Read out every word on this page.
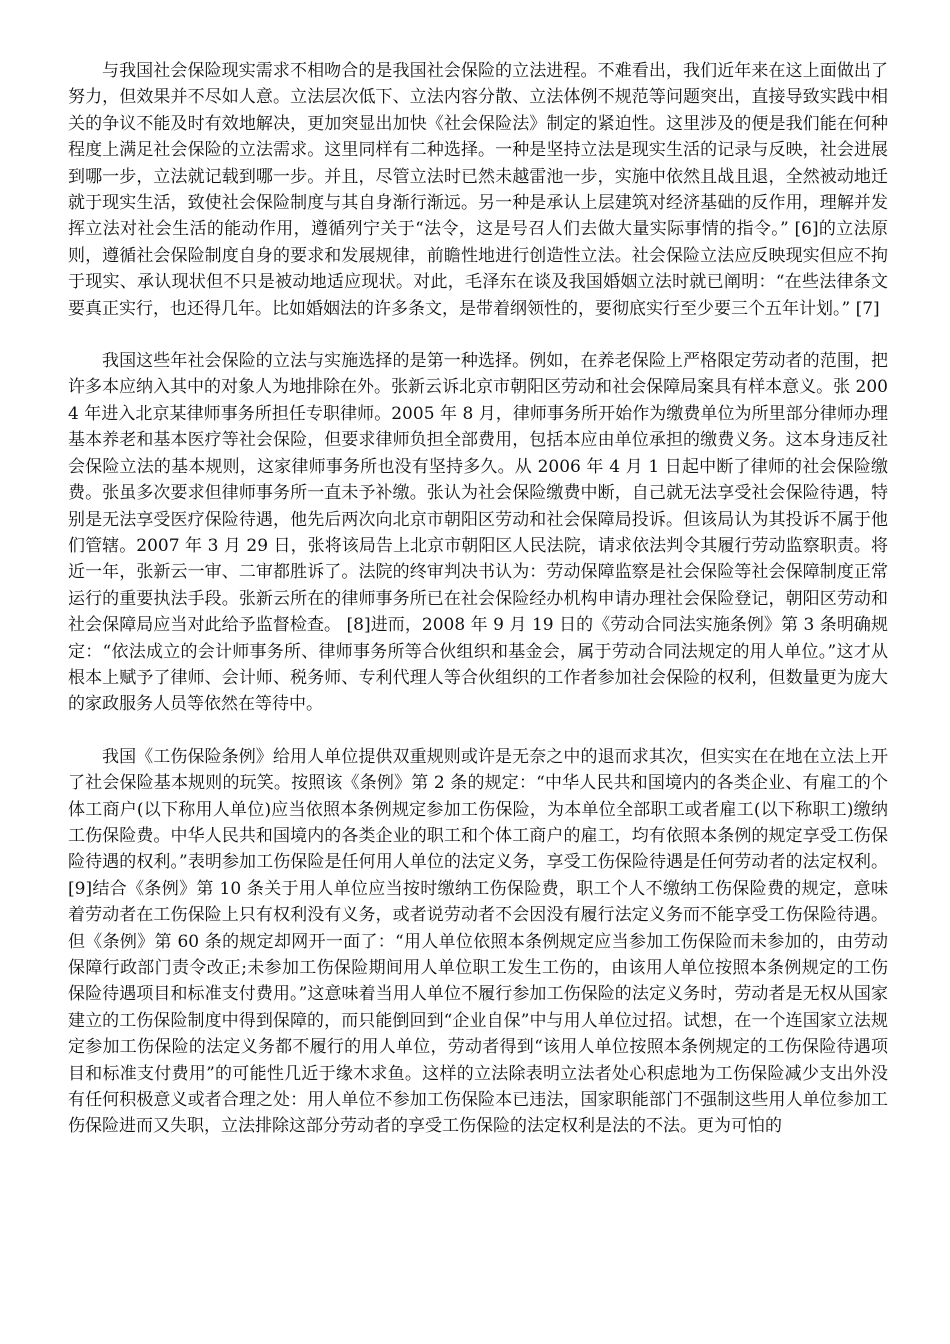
与我国社会保险现实需求不相吻合的是我国社会保险的立法进程。不难看出，我们近年来在这上面做出了努力，但效果并不尽如人意。立法层次低下、立法内容分散、立法体例不规范等问题突出，直接导致实践中相关的争议不能及时有效地解决，更加突显出加快《社会保险法》制定的紧迫性。这里涉及的便是我们能在何种程度上满足社会保险的立法需求。这里同样有二种选择。一种是坚持立法是现实生活的记录与反映，社会进展到哪一步，立法就记载到哪一步。并且，尽管立法时已然未越雷池一步，实施中依然且战且退，全然被动地迁就于现实生活，致使社会保险制度与其自身渐行渐远。另一种是承认上层建筑对经济基础的反作用，理解并发挥立法对社会生活的能动作用，遵循列宁关于“法令，这是号召人们去做大量实际事情的指令。” [6]的立法原则，遵循社会保险制度自身的要求和发展规律，前瞻性地进行创造性立法。社会保险立法应反映现实但应不拘于现实、承认现状但不只是被动地适应现状。对此，毛泽东在谈及我国婚姻立法时就已阐明：“在些法律条文要真正实行，也还得几年。比如婚姻法的许多条文，是带着纲领性的，要彻底实行至少要三个五年计划。” [7]

我国这些年社会保险的立法与实施选择的是第一种选择。例如，在养老保险上严格限定劳动者的范围，把许多本应纳入其中的对象人为地排除在外。张新云诉北京市朝阳区劳动和社会保障局案具有样本意义。张 2004 年进入北京某律师事务所担任专职律师。2005 年 8 月，律师事务所开始作为缴费单位为所里部分律师办理基本养老和基本医疗等社会保险，但要求律师负担全部费用，包括本应由单位承担的缴费义务。这本身违反社会保险立法的基本规则，这家律师事务所也没有坚持多久。从 2006 年 4 月 1 日起中断了律师的社会保险缴费。张虽多次要求但律师事务所一直未予补缴。张认为社会保险缴费中断，自己就无法享受社会保险待遇，特别是无法享受医疗保险待遇，他先后两次向北京市朝阳区劳动和社会保障局投诉。但该局认为其投诉不属于他们管辖。2007 年 3 月 29 日，张将该局告上北京市朝阳区人民法院，请求依法判令其履行劳动监察职责。将近一年，张新云一审、二审都胜诉了。法院的终审判决书认为：劳动保障监察是社会保险等社会保障制度正常运行的重要执法手段。张新云所在的律师事务所已在社会保险经办机构申请办理社会保险登记，朝阳区劳动和社会保障局应当对此给予监督检查。 [8]进而，2008 年 9 月 19 日的《劳动合同法实施条例》第 3 条明确规定：“依法成立的会计师事务所、律师事务所等合伙组织和基金会，属于劳动合同法规定的用人单位。”这才从根本上赋予了律师、会计师、税务师、专利代理人等合伙组织的工作者参加社会保险的权利，但数量更为庞大的家政服务人员等依然在等待中。

我国《工伤保险条例》给用人单位提供双重规则或许是无奈之中的退而求其次，但实实在在地在立法上开了社会保险基本规则的玩笑。按照该《条例》第 2 条的规定：“中华人民共和国境内的各类企业、有雇工的个体工商户(以下称用人单位)应当依照本条例规定参加工伤保险，为本单位全部职工或者雇工(以下称职工)缴纳工伤保险费。中华人民共和国境内的各类企业的职工和个体工商户的雇工，均有依照本条例的规定享受工伤保险待遇的权利。”表明参加工伤保险是任何用人单位的法定义务，享受工伤保险待遇是任何劳动者的法定权利。 [9]结合《条例》第 10 条关于用人单位应当按时缴纳工伤保险费，职工个人不缴纳工伤保险费的规定，意味着劳动者在工伤保险上只有权利没有义务，或者说劳动者不会因没有履行法定义务而不能享受工伤保险待遇。但《条例》第 60 条的规定却网开一面了：“用人单位依照本条例规定应当参加工伤保险而未参加的，由劳动保障行政部门责令改正;未参加工伤保险期间用人单位职工发生工伤的，由该用人单位按照本条例规定的工伤保险待遇项目和标准支付费用。”这意味着当用人单位不履行参加工伤保险的法定义务时，劳动者是无权从国家建立的工伤保险制度中得到保障的，而只能倒回到“企业自保”中与用人单位过招。试想，在一个连国家立法规定参加工伤保险的法定义务都不履行的用人单位，劳动者得到“该用人单位按照本条例规定的工伤保险待遇项目和标准支付费用”的可能性几近于缘木求鱼。这样的立法除表明立法者处心积虑地为工伤保险减少支出外没有任何积极意义或者合理之处：用人单位不参加工伤保险本已违法，国家职能部门不强制这些用人单位参加工伤保险进而又失职，立法排除这部分劳动者的享受工伤保险的法定权利是法的不法。更为可怕的
